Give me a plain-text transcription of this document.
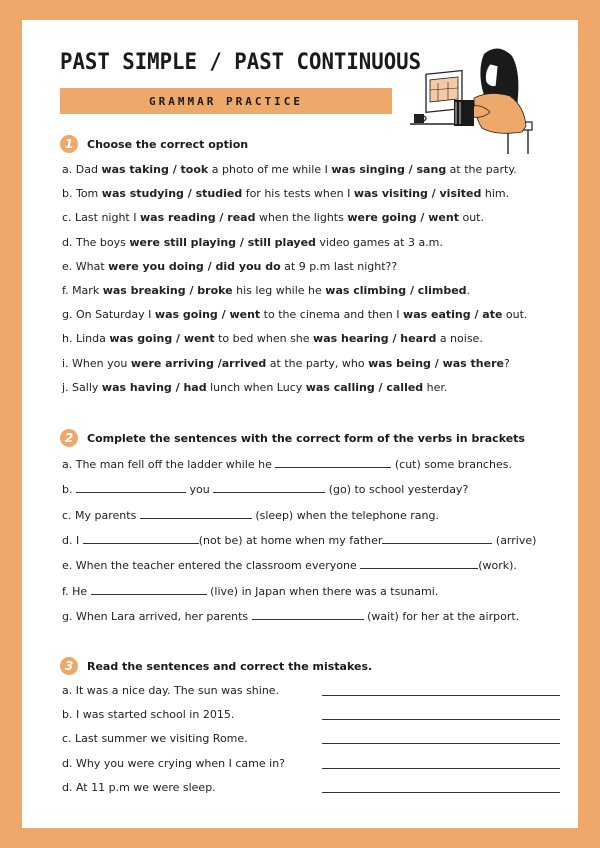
PAST SIMPLE / PAST CONTINUOUS
GRAMMAR PRACTICE
1	Choose the correct option
a. Dad was taking / took a photo of me while I was singing / sang at the party.
b. Tom was studying / studied for his tests when I was visiting / visited him.
c. Last night I was reading / read when the lights were going / went out.
d. The boys were still playing / still played video games at 3 a.m.
e. What were you doing / did you do at 9 p.m last night??
f. Mark was breaking / broke his leg while he was climbing / climbed.
g. On Saturday I was going / went to the cinema and then I was eating / ate out.
h. Linda was going / went to bed when she was hearing / heard a noise.
i. When you were arriving /arrived at the party, who was being / was there?
j. Sally was having / had lunch when Lucy was calling / called her.
2	Complete the sentences with the correct form of the verbs in brackets
a. The man fell off the ladder while he	(cut) some branches.
b.	you	(go) to school yesterday?
c. My parents	(sleep) when the telephone rang.
d. I	(not be) at home when my father	(arrive)
e. When the teacher entered the classroom everyone	(work).
f. He	(live) in Japan when there was a tsunami.
g. When Lara arrived, her parents	(wait) for her at the airport.
3	Read the sentences and correct the mistakes.
a. It was a nice day. The sun was shine.
b. I was started school in 2015.
c. Last summer we visiting Rome.
d. Why you were crying when I came in?
d. At 11 p.m we were sleep.
